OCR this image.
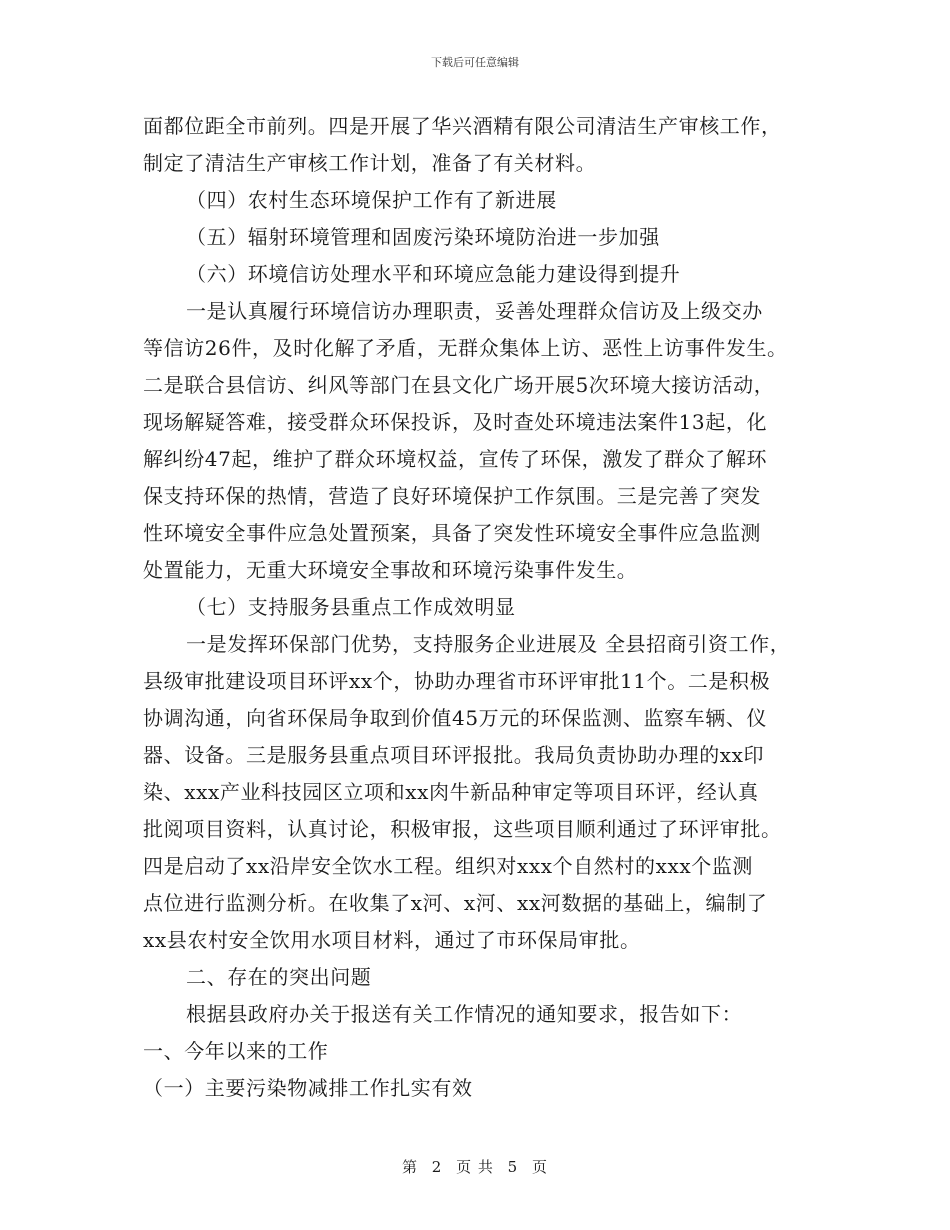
下载后可任意编辑
面都位距全市前列。四是开展了华兴酒精有限公司清洁生产审核工作，
制定了清洁生产审核工作计划，准备了有关材料。
（四）农村生态环境保护工作有了新进展
（五）辐射环境管理和固废污染环境防治进一步加强
（六）环境信访处理水平和环境应急能力建设得到提升
一是认真履行环境信访办理职责，妥善处理群众信访及上级交办
等信访26件，及时化解了矛盾，无群众集体上访、恶性上访事件发生。
二是联合县信访、纠风等部门在县文化广场开展5次环境大接访活动，
现场解疑答难，接受群众环保投诉，及时查处环境违法案件13起，化
解纠纷47起，维护了群众环境权益，宣传了环保，激发了群众了解环
保支持环保的热情，营造了良好环境保护工作氛围。三是完善了突发
性环境安全事件应急处置预案，具备了突发性环境安全事件应急监测
处置能力，无重大环境安全事故和环境污染事件发生。
（七）支持服务县重点工作成效明显
一是发挥环保部门优势，支持服务企业进展及 全县招商引资工作，
县级审批建设项目环评xx个，协助办理省市环评审批11个。二是积极
协调沟通，向省环保局争取到价值45万元的环保监测、监察车辆、仪
器、设备。三是服务县重点项目环评报批。我局负责协助办理的xx印
染、xxx产业科技园区立项和xx肉牛新品种审定等项目环评，经认真
批阅项目资料，认真讨论，积极审报，这些项目顺利通过了环评审批。
四是启动了xx沿岸安全饮水工程。组织对xxx个自然村的xxx个监测
点位进行监测分析。在收集了x河、x河、xx河数据的基础上，编制了
xx县农村安全饮用水项目材料，通过了市环保局审批。
二、存在的突出问题
根据县政府办关于报送有关工作情况的通知要求，报告如下：
一、今年以来的工作
（一）主要污染物减排工作扎实有效
第 2 页 共 5 页
